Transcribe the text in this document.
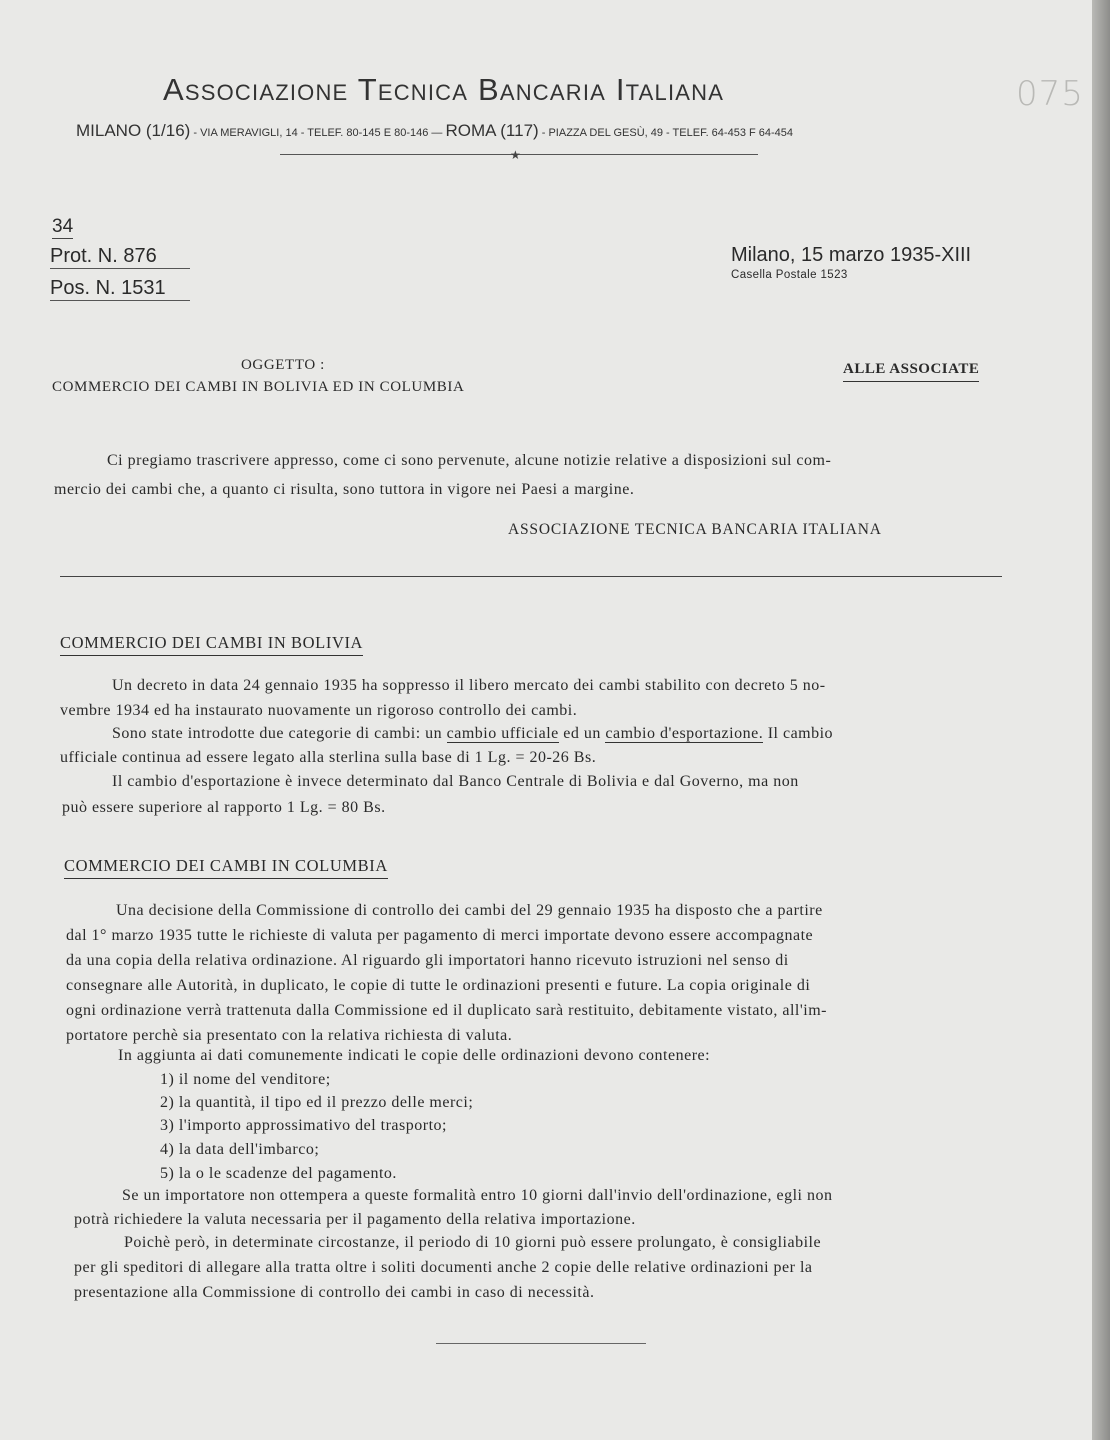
Associazione Tecnica Bancaria Italiana
MILANO (1/16) - VIA MERAVIGLI, 14 - TELEF. 80-145 E 80-146 — ROMA (117) - PIAZZA DEL GESÙ, 49 - TELEF. 64-453 F 64-454
★
075
34
Prot. N. 876
Pos. N. 1531
Milano, 15 marzo 1935-XIII
Casella Postale 1523
OGGETTO :
COMMERCIO DEI CAMBI IN BOLIVIA ED IN COLUMBIA
ALLE ASSOCIATE
Ci pregiamo trascrivere appresso, come ci sono pervenute, alcune notizie relative a disposizioni sul com-
mercio dei cambi che, a quanto ci risulta, sono tuttora in vigore nei Paesi a margine.
ASSOCIAZIONE TECNICA BANCARIA ITALIANA
COMMERCIO DEI CAMBI IN BOLIVIA
Un decreto in data 24 gennaio 1935 ha soppresso il libero mercato dei cambi stabilito con decreto 5 no-
vembre 1934 ed ha instaurato nuovamente un rigoroso controllo dei cambi.
Sono state introdotte due categorie di cambi: un cambio ufficiale ed un cambio d'esportazione. Il cambio
ufficiale continua ad essere legato alla sterlina sulla base di 1 Lg. = 20-26 Bs.
Il cambio d'esportazione è invece determinato dal Banco Centrale di Bolivia e dal Governo, ma non
può essere superiore al rapporto 1 Lg. = 80 Bs.
COMMERCIO DEI CAMBI IN COLUMBIA
Una decisione della Commissione di controllo dei cambi del 29 gennaio 1935 ha disposto che a partire
dal 1° marzo 1935 tutte le richieste di valuta per pagamento di merci importate devono essere accompagnate
da una copia della relativa ordinazione. Al riguardo gli importatori hanno ricevuto istruzioni nel senso di
consegnare alle Autorità, in duplicato, le copie di tutte le ordinazioni presenti e future. La copia originale di
ogni ordinazione verrà trattenuta dalla Commissione ed il duplicato sarà restituito, debitamente vistato, all'im-
portatore perchè sia presentato con la relativa richiesta di valuta.
In aggiunta ai dati comunemente indicati le copie delle ordinazioni devono contenere:
1) il nome del venditore;
2) la quantità, il tipo ed il prezzo delle merci;
3) l'importo approssimativo del trasporto;
4) la data dell'imbarco;
5) la o le scadenze del pagamento.
Se un importatore non ottempera a queste formalità entro 10 giorni dall'invio dell'ordinazione, egli non
potrà richiedere la valuta necessaria per il pagamento della relativa importazione.
Poichè però, in determinate circostanze, il periodo di 10 giorni può essere prolungato, è consigliabile
per gli speditori di allegare alla tratta oltre i soliti documenti anche 2 copie delle relative ordinazioni per la
presentazione alla Commissione di controllo dei cambi in caso di necessità.
